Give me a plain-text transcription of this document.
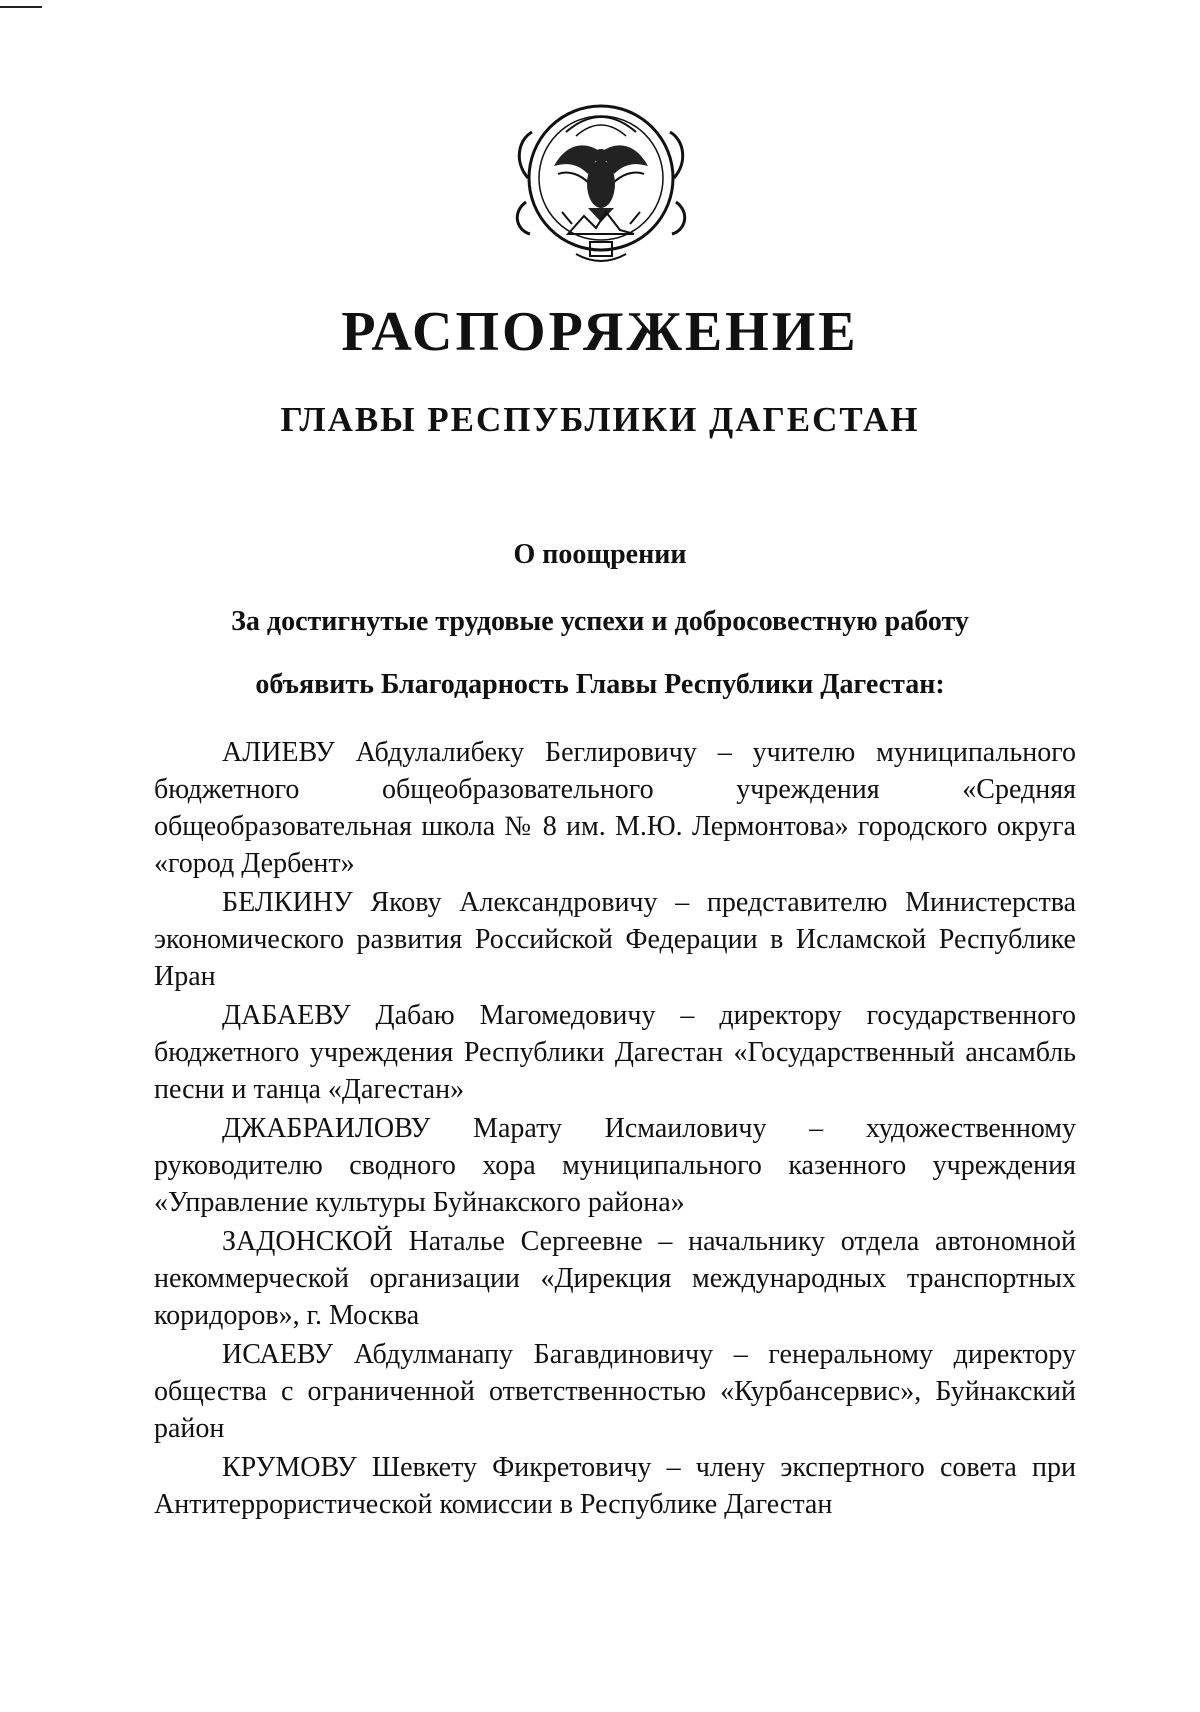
РАСПОРЯЖЕНИЕ
ГЛАВЫ РЕСПУБЛИКИ ДАГЕСТАН
О поощрении
За достигнутые трудовые успехи и добросовестную работу
объявить Благодарность Главы Республики Дагестан:

АЛИЕВУ Абдулалибеку Беглировичу – учителю муниципального бюджетного общеобразовательного учреждения «Средняя общеобразовательная школа № 8 им. М.Ю. Лермонтова» городского округа «город Дербент»

БЕЛКИНУ Якову Александровичу – представителю Министерства экономического развития Российской Федерации в Исламской Республике Иран

ДАБАЕВУ Дабаю Магомедовичу – директору государственного бюджетного учреждения Республики Дагестан «Государственный ансамбль песни и танца «Дагестан»

ДЖАБРАИЛОВУ Марату Исмаиловичу – художественному руководителю сводного хора муниципального казенного учреждения «Управление культуры Буйнакского района»

ЗАДОНСКОЙ Наталье Сергеевне – начальнику отдела автономной некоммерческой организации «Дирекция международных транспортных коридоров», г. Москва

ИСАЕВУ Абдулманапу Багавдиновичу – генеральному директору общества с ограниченной ответственностью «Курбансервис», Буйнакский район

КРУМОВУ Шевкету Фикретовичу – члену экспертного совета при Антитеррористической комиссии в Республике Дагестан
